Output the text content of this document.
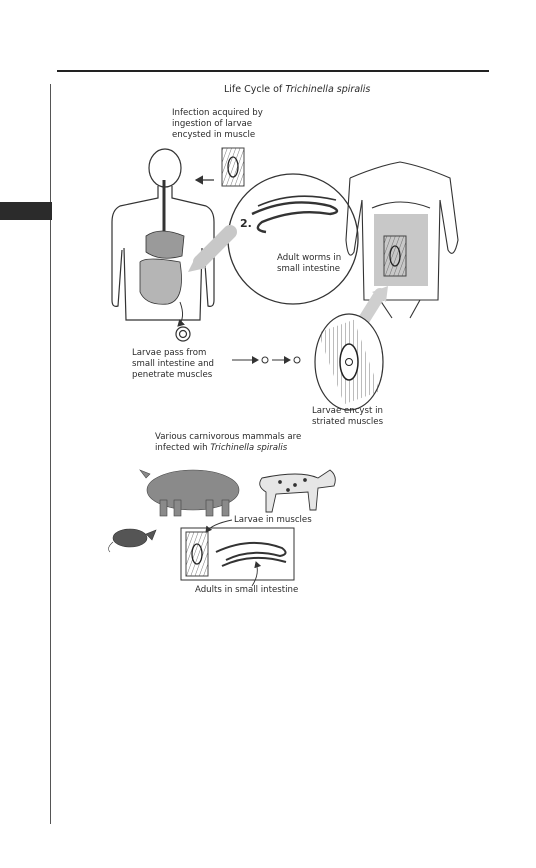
Life Cycle of Trichinella spiralis
Infection acquired by
ingestion of larvae
encysted in muscle
2.
Adult worms in
small intestine
Larvae pass from
small intestine and
penetrate muscles
Larvae encyst in
striated muscles
Various carnivorous mammals are
infected wih Trichinella spiralis
Larvae in muscles
Adults in small intestine
